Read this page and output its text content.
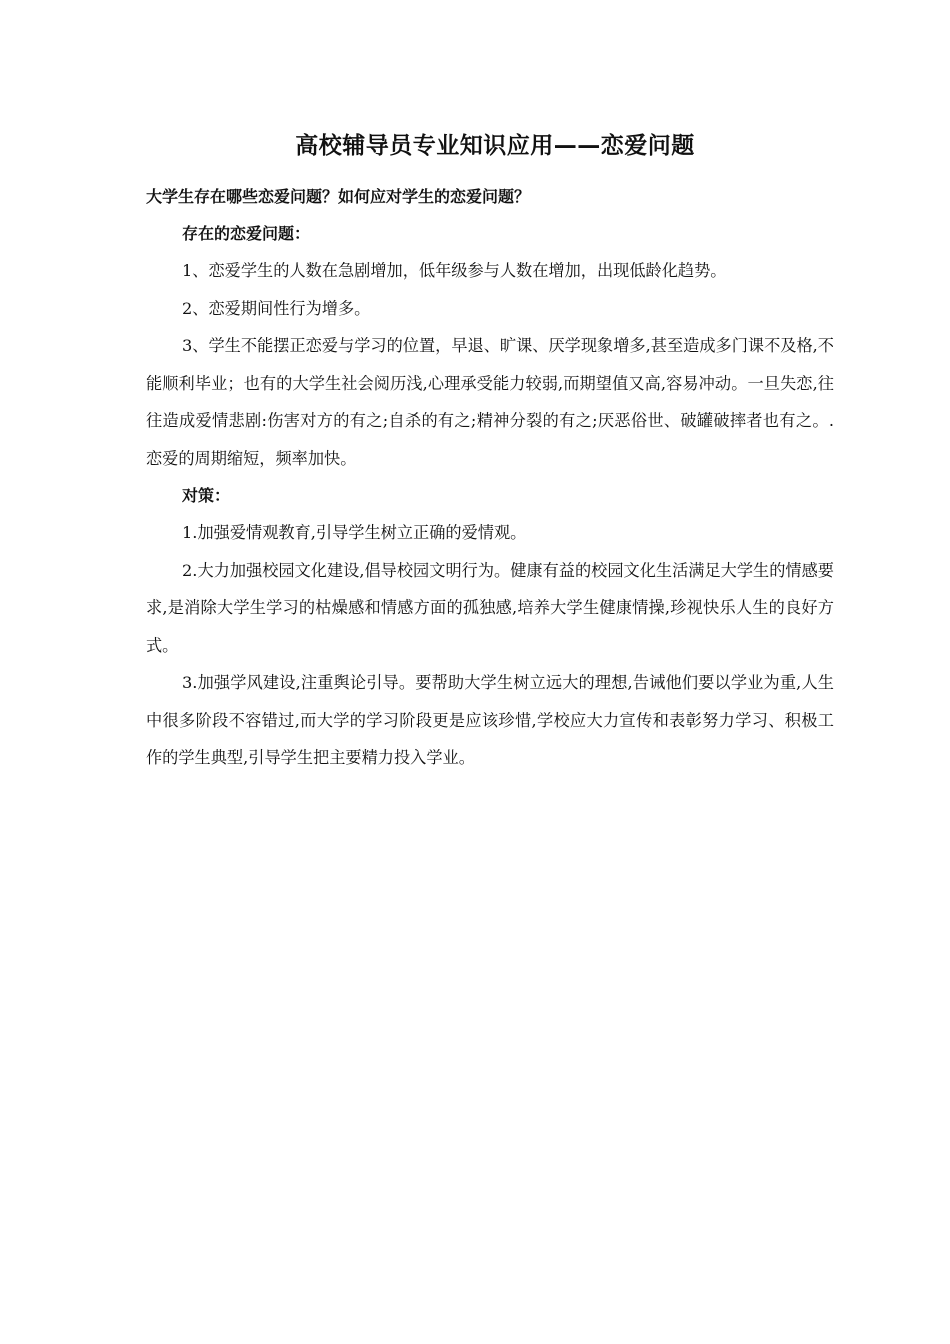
高校辅导员专业知识应用——恋爱问题

大学生存在哪些恋爱问题？如何应对学生的恋爱问题？

存在的恋爱问题：

1、恋爱学生的人数在急剧增加，低年级参与人数在增加，出现低龄化趋势。

2、恋爱期间性行为增多。

3、学生不能摆正恋爱与学习的位置，早退、旷课、厌学现象增多,甚至造成多门课不及格,不能顺利毕业；也有的大学生社会阅历浅,心理承受能力较弱,而期望值又高,容易冲动。一旦失恋,往往造成爱情悲剧:伤害对方的有之;自杀的有之;精神分裂的有之;厌恶俗世、破罐破摔者也有之。.恋爱的周期缩短，频率加快。

对策：

1.加强爱情观教育,引导学生树立正确的爱情观。

2.大力加强校园文化建设,倡导校园文明行为。健康有益的校园文化生活满足大学生的情感要求,是消除大学生学习的枯燥感和情感方面的孤独感,培养大学生健康情操,珍视快乐人生的良好方式。

3.加强学风建设,注重舆论引导。要帮助大学生树立远大的理想,告诫他们要以学业为重,人生中很多阶段不容错过,而大学的学习阶段更是应该珍惜,学校应大力宣传和表彰努力学习、积极工作的学生典型,引导学生把主要精力投入学业。
